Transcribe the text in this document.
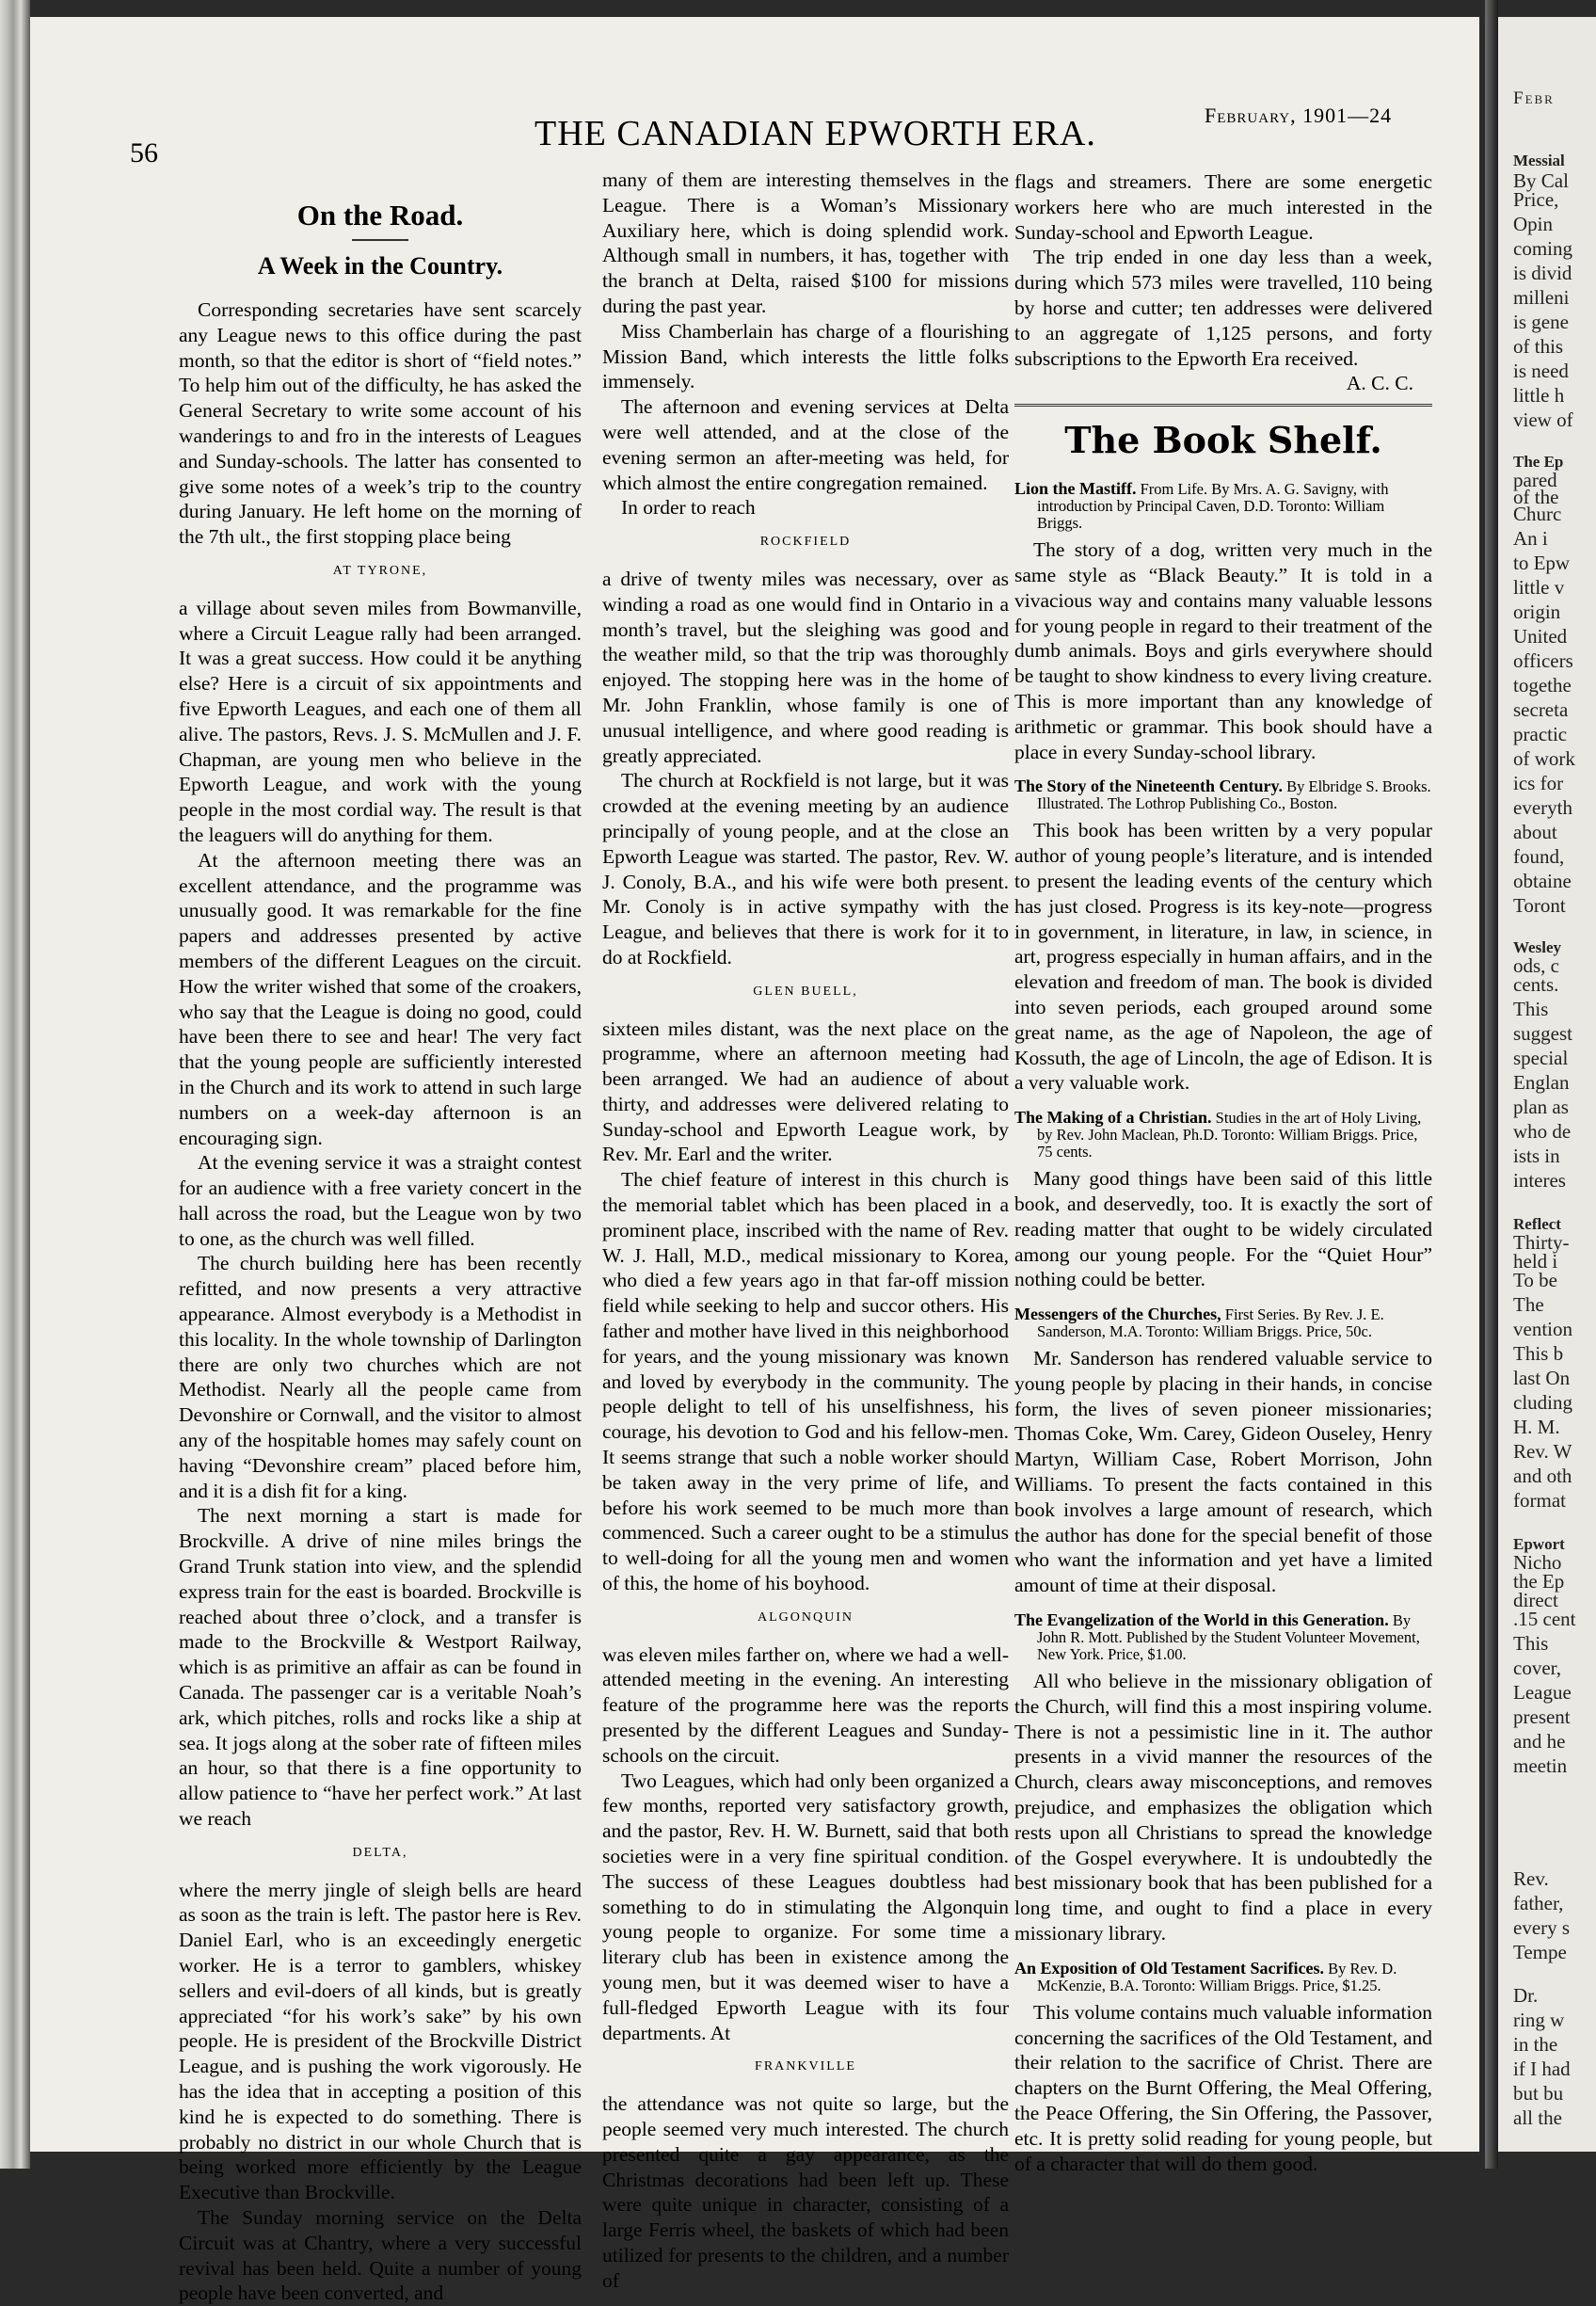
56	THE CANADIAN EPWORTH ERA.	February, 1901—24
On the Road.
A Week in the Country.

Corresponding secretaries have sent scarcely any League news to this office during the past month, so that the editor is short of “field notes.” To help him out of the difficulty, he has asked the General Secretary to write some account of his wanderings to and fro in the interests of Leagues and Sunday-schools. The latter has consented to give some notes of a week’s trip to the country during January. He left home on the morning of the 7th ult., the first stopping place being

AT TYRONE,

a village about seven miles from Bowmanville, where a Circuit League rally had been arranged. It was a great success. How could it be anything else? Here is a circuit of six appointments and five Epworth Leagues, and each one of them all alive. The pastors, Revs. J. S. McMullen and J. F. Chapman, are young men who believe in the Epworth League, and work with the young people in the most cordial way. The result is that the leaguers will do anything for them.

At the afternoon meeting there was an excellent attendance, and the programme was unusually good. It was remarkable for the fine papers and addresses presented by active members of the different Leagues on the circuit. How the writer wished that some of the croakers, who say that the League is doing no good, could have been there to see and hear! The very fact that the young people are sufficiently interested in the Church and its work to attend in such large numbers on a week-day afternoon is an encouraging sign.

At the evening service it was a straight contest for an audience with a free variety concert in the hall across the road, but the League won by two to one, as the church was well filled.

The church building here has been recently refitted, and now presents a very attractive appearance. Almost everybody is a Methodist in this locality. In the whole township of Darlington there are only two churches which are not Methodist. Nearly all the people came from Devonshire or Cornwall, and the visitor to almost any of the hospitable homes may safely count on having “Devonshire cream” placed before him, and it is a dish fit for a king.

The next morning a start is made for Brockville. A drive of nine miles brings the Grand Trunk station into view, and the splendid express train for the east is boarded. Brockville is reached about three o’clock, and a transfer is made to the Brockville & Westport Railway, which is as primitive an affair as can be found in Canada. The passenger car is a veritable Noah’s ark, which pitches, rolls and rocks like a ship at sea. It jogs along at the sober rate of fifteen miles an hour, so that there is a fine opportunity to allow patience to “have her perfect work.” At last we reach

DELTA,

where the merry jingle of sleigh bells are heard as soon as the train is left. The pastor here is Rev. Daniel Earl, who is an exceedingly energetic worker. He is a terror to gamblers, whiskey sellers and evil-doers of all kinds, but is greatly appreciated “for his work’s sake” by his own people. He is president of the Brockville District League, and is pushing the work vigorously. He has the idea that in accepting a position of this kind he is expected to do something. There is probably no district in our whole Church that is being worked more efficiently by the League Executive than Brockville.

The Sunday morning service on the Delta Circuit was at Chantry, where a very successful revival has been held. Quite a number of young people have been converted, and

many of them are interesting themselves in the League. There is a Woman’s Missionary Auxiliary here, which is doing splendid work. Although small in numbers, it has, together with the branch at Delta, raised $100 for missions during the past year.

Miss Chamberlain has charge of a flourishing Mission Band, which interests the little folks immensely.

The afternoon and evening services at Delta were well attended, and at the close of the evening sermon an after-meeting was held, for which almost the entire congregation remained.

In order to reach

ROCKFIELD

a drive of twenty miles was necessary, over as winding a road as one would find in Ontario in a month’s travel, but the sleighing was good and the weather mild, so that the trip was thoroughly enjoyed. The stopping here was in the home of Mr. John Franklin, whose family is one of unusual intelligence, and where good reading is greatly appreciated.

The church at Rockfield is not large, but it was crowded at the evening meeting by an audience principally of young people, and at the close an Epworth League was started. The pastor, Rev. W. J. Conoly, B.A., and his wife were both present. Mr. Conoly is in active sympathy with the League, and believes that there is work for it to do at Rockfield.

GLEN BUELL,

sixteen miles distant, was the next place on the programme, where an afternoon meeting had been arranged. We had an audience of about thirty, and addresses were delivered relating to Sunday-school and Epworth League work, by Rev. Mr. Earl and the writer.

The chief feature of interest in this church is the memorial tablet which has been placed in a prominent place, inscribed with the name of Rev. W. J. Hall, M.D., medical missionary to Korea, who died a few years ago in that far-off mission field while seeking to help and succor others. His father and mother have lived in this neighborhood for years, and the young missionary was known and loved by everybody in the community. The people delight to tell of his unselfishness, his courage, his devotion to God and his fellow-men. It seems strange that such a noble worker should be taken away in the very prime of life, and before his work seemed to be much more than commenced. Such a career ought to be a stimulus to well-doing for all the young men and women of this, the home of his boyhood.

ALGONQUIN

was eleven miles farther on, where we had a well-attended meeting in the evening. An interesting feature of the programme here was the reports presented by the different Leagues and Sunday-schools on the circuit.

Two Leagues, which had only been organized a few months, reported very satisfactory growth, and the pastor, Rev. H. W. Burnett, said that both societies were in a very fine spiritual condition. The success of these Leagues doubtless had something to do in stimulating the Algonquin young people to organize. For some time a literary club has been in existence among the young men, but it was deemed wiser to have a full-fledged Epworth League with its four departments. At

FRANKVILLE

the attendance was not quite so large, but the people seemed very much interested. The church presented quite a gay appearance, as the Christmas decorations had been left up. These were quite unique in character, consisting of a large Ferris wheel, the baskets of which had been utilized for presents to the children, and a number of

flags and streamers. There are some energetic workers here who are much interested in the Sunday-school and Epworth League.

The trip ended in one day less than a week, during which 573 miles were travelled, 110 being by horse and cutter; ten addresses were delivered to an aggregate of 1,125 persons, and forty subscriptions to the Epworth Era received.

A. C. C.
The Book Shelf.
Lion the Mastiff. From Life. By Mrs. A. G. Savigny, with introduction by Principal Caven, D.D. Toronto: William Briggs.

The story of a dog, written very much in the same style as “Black Beauty.” It is told in a vivacious way and contains many valuable lessons for young people in regard to their treatment of the dumb animals. Boys and girls everywhere should be taught to show kindness to every living creature. This is more important than any knowledge of arithmetic or grammar. This book should have a place in every Sunday-school library.

The Story of the Nineteenth Century. By Elbridge S. Brooks. Illustrated. The Lothrop Publishing Co., Boston.

This book has been written by a very popular author of young people’s literature, and is intended to present the leading events of the century which has just closed. Progress is its key-note—progress in government, in literature, in law, in science, in art, progress especially in human affairs, and in the elevation and freedom of man. The book is divided into seven periods, each grouped around some great name, as the age of Napoleon, the age of Kossuth, the age of Lincoln, the age of Edison. It is a very valuable work.

The Making of a Christian. Studies in the art of Holy Living, by Rev. John Maclean, Ph.D. Toronto: William Briggs. Price, 75 cents.

Many good things have been said of this little book, and deservedly, too. It is exactly the sort of reading matter that ought to be widely circulated among our young people. For the “Quiet Hour” nothing could be better.

Messengers of the Churches, First Series. By Rev. J. E. Sanderson, M.A. Toronto: William Briggs. Price, 50c.

Mr. Sanderson has rendered valuable service to young people by placing in their hands, in concise form, the lives of seven pioneer missionaries; Thomas Coke, Wm. Carey, Gideon Ouseley, Henry Martyn, William Case, Robert Morrison, John Williams. To present the facts contained in this book involves a large amount of research, which the author has done for the special benefit of those who want the information and yet have a limited amount of time at their disposal.

The Evangelization of the World in this Generation. By John R. Mott. Published by the Student Volunteer Movement, New York. Price, $1.00.

All who believe in the missionary obligation of the Church, will find this a most inspiring volume. There is not a pessimistic line in it. The author presents in a vivid manner the resources of the Church, clears away misconceptions, and removes prejudice, and emphasizes the obligation which rests upon all Christians to spread the knowledge of the Gospel everywhere. It is undoubtedly the best missionary book that has been published for a long time, and ought to find a place in every missionary library.

An Exposition of Old Testament Sacrifices. By Rev. D. McKenzie, B.A. Toronto: William Briggs. Price, $1.25.

This volume contains much valuable information concerning the sacrifices of the Old Testament, and their relation to the sacrifice of Christ. There are chapters on the Burnt Offering, the Meal Offering, the Peace Offering, the Sin Offering, the Passover, etc. It is pretty solid reading for young people, but of a character that will do them good.

Febr
Messial
By Cal
Price,
Opin
coming
is divid
milleni
is gene
of this
is need
little h
view of
The Ep
pared
of the
Churc
An i
to Epw
little v
origin
United
officers
togethe
secreta
practic
of work
ics for
everyth
about
found,
obtaine
Toront
Wesley
ods, c
cents.
This
suggest
special
Englan
plan as
who de
ists in
interes
Reflect
Thirty-
held i
To be
The
vention
This b
last On
cluding
H. M.
Rev. W
and oth
format
Epwort
Nicho
the Ep
direct
.15 cent
This
cover,
League
present
and he
meetin
Rev.
father,
every s
Tempe
Dr.
ring w
in the
if I had
but bu
all the
